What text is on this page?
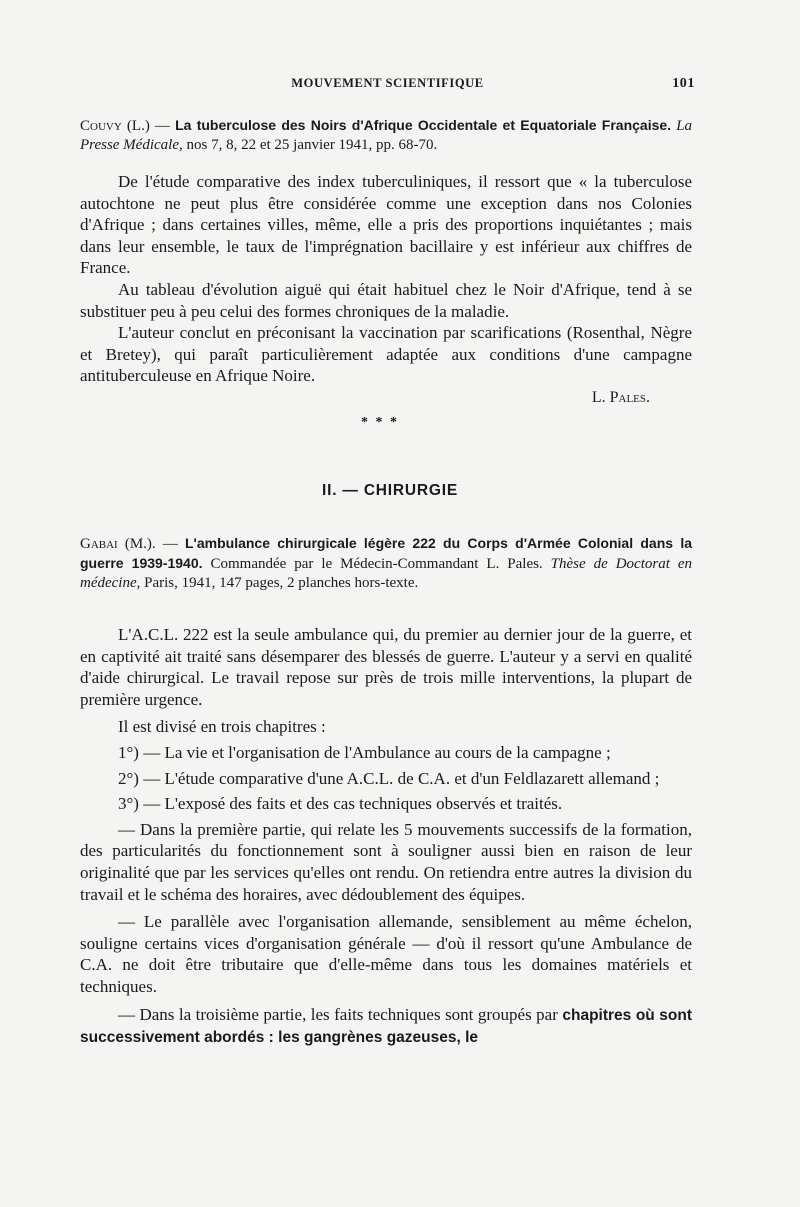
MOUVEMENT SCIENTIFIQUE	101
Couvy (L.) — La tuberculose des Noirs d'Afrique Occidentale et Equatoriale Française. La Presse Médicale, nos 7, 8, 22 et 25 janvier 1941, pp. 68-70.

De l'étude comparative des index tuberculiniques, il ressort que « la tuberculose autochtone ne peut plus être considérée comme une exception dans nos Colonies d'Afrique ; dans certaines villes, même, elle a pris des proportions inquiétantes ; mais dans leur ensemble, le taux de l'imprégnation bacillaire y est inférieur aux chiffres de France.

Au tableau d'évolution aiguë qui était habituel chez le Noir d'Afrique, tend à se substituer peu à peu celui des formes chroniques de la maladie.

L'auteur conclut en préconisant la vaccination par scarifications (Rosenthal, Nègre et Bretey), qui paraît particulièrement adaptée aux conditions d'une campagne antituberculeuse en Afrique Noire.

L. Pales.

* * *
II. — CHIRURGIE
Gabai (M.). — L'ambulance chirurgicale légère 222 du Corps d'Armée Colonial dans la guerre 1939-1940. Commandée par le Médecin-Commandant L. Pales. Thèse de Doctorat en médecine, Paris, 1941, 147 pages, 2 planches hors-texte.

L'A.C.L. 222 est la seule ambulance qui, du premier au dernier jour de la guerre, et en captivité ait traité sans désemparer des blessés de guerre. L'auteur y a servi en qualité d'aide chirurgical. Le travail repose sur près de trois mille interventions, la plupart de première urgence.

Il est divisé en trois chapitres :

1°) — La vie et l'organisation de l'Ambulance au cours de la campagne ;

2°) — L'étude comparative d'une A.C.L. de C.A. et d'un Feldlazarett allemand ;

3°) — L'exposé des faits et des cas techniques observés et traités.

— Dans la première partie, qui relate les 5 mouvements successifs de la formation, des particularités du fonctionnement sont à souligner aussi bien en raison de leur originalité que par les services qu'elles ont rendu. On retiendra entre autres la division du travail et le schéma des horaires, avec dédoublement des équipes.

— Le parallèle avec l'organisation allemande, sensiblement au même échelon, souligne certains vices d'organisation générale — d'où il ressort qu'une Ambulance de C.A. ne doit être tributaire que d'elle-même dans tous les domaines matériels et techniques.

— Dans la troisième partie, les faits techniques sont groupés par chapitres où sont successivement abordés : les gangrènes gazeuses, le
